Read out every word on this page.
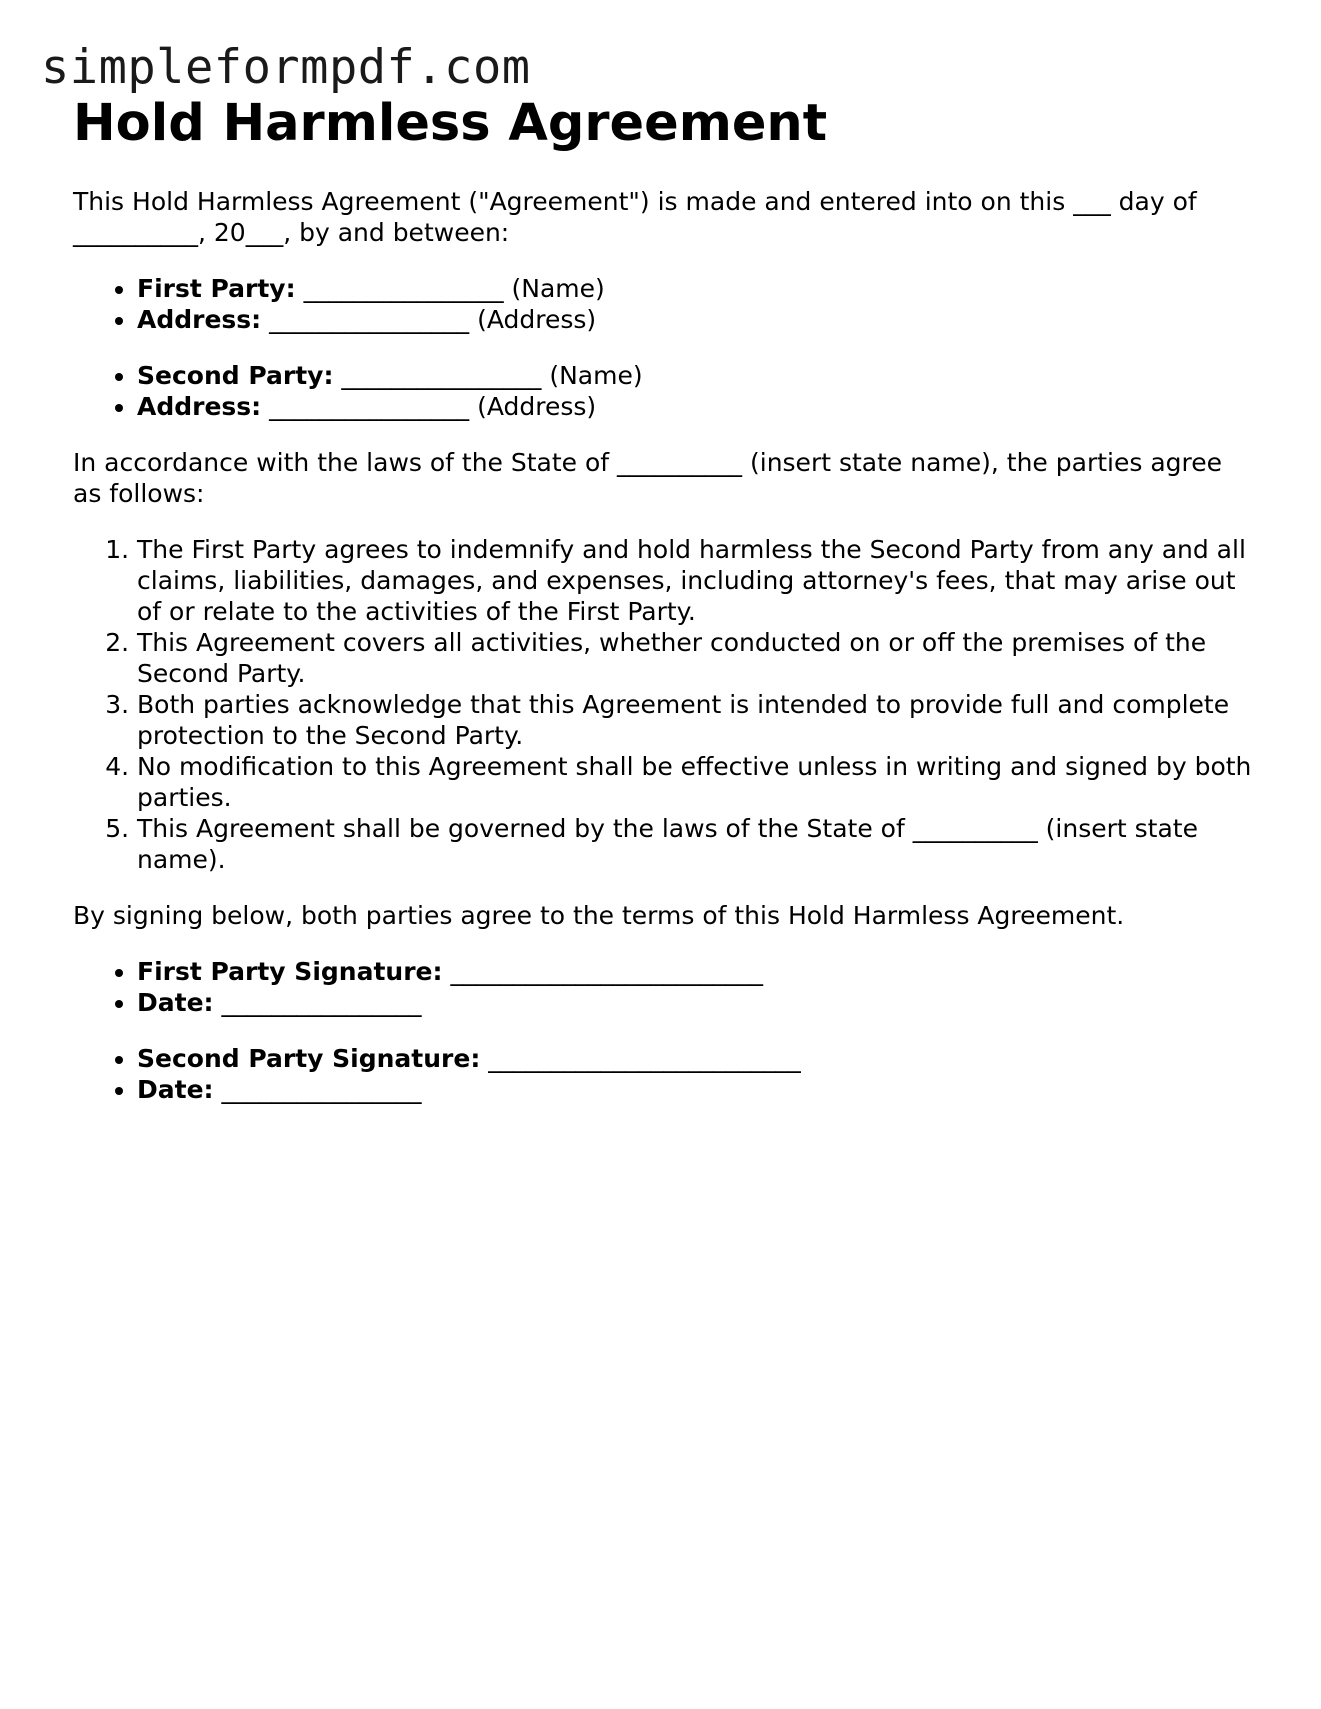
simpleformpdf.com
Hold Harmless Agreement

This Hold Harmless Agreement ("Agreement") is made and entered into on this ___ day of __________, 20___, by and between:

• First Party: ________________ (Name)
• Address: ________________ (Address)
• Second Party: ________________ (Name)
• Address: ________________ (Address)

In accordance with the laws of the State of __________ (insert state name), the parties agree as follows:

1. The First Party agrees to indemnify and hold harmless the Second Party from any and all claims, liabilities, damages, and expenses, including attorney's fees, that may arise out of or relate to the activities of the First Party.
2. This Agreement covers all activities, whether conducted on or off the premises of the Second Party.
3. Both parties acknowledge that this Agreement is intended to provide full and complete protection to the Second Party.
4. No modification to this Agreement shall be effective unless in writing and signed by both parties.
5. This Agreement shall be governed by the laws of the State of __________ (insert state name).

By signing below, both parties agree to the terms of this Hold Harmless Agreement.

• First Party Signature: _________________________
• Date: ________________
• Second Party Signature: _________________________
• Date: ________________
